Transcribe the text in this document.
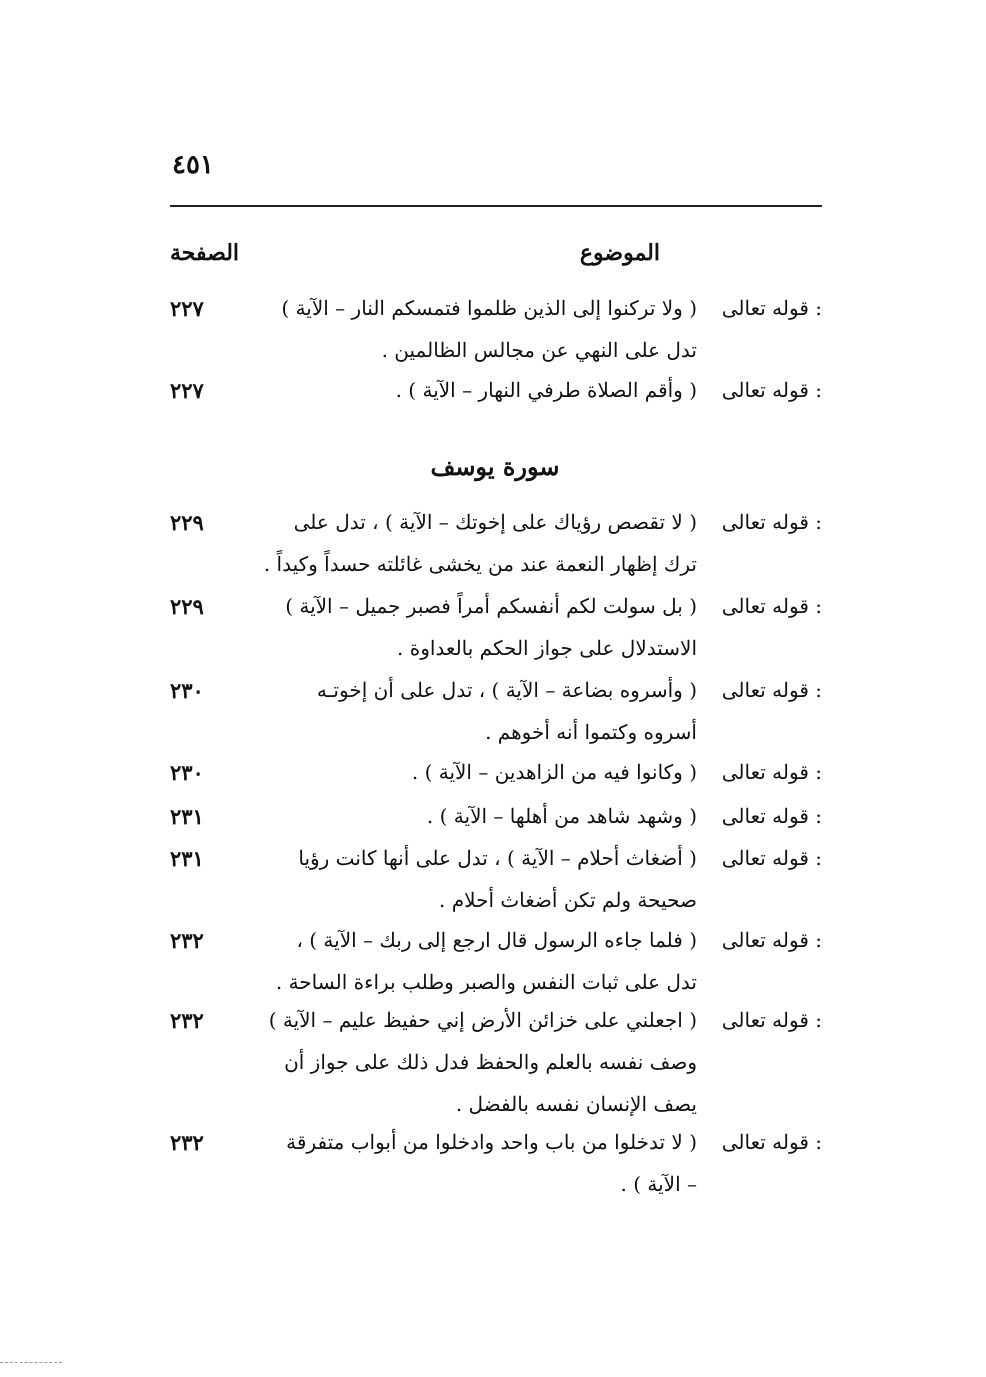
٤٥١
الصفحة	الموضوع
قوله تعالى :
( ولا تركنوا إلى الذين ظلموا فتمسكم النار – الآية )
٢٢٧
تدل على النهي عن مجالس الظالمين .
قوله تعالى :
( وأقم الصلاة طرفي النهار – الآية ) .
٢٢٧
سورة يوسف
قوله تعالى :
( لا تقصص رؤياك على إخوتك – الآية ) ، تدل على
٢٢٩
ترك إظهار النعمة عند من يخشى غائلته حسداً وكيداً .
قوله تعالى :
( بل سولت لكم أنفسكم أمراً فصبر جميل – الآية )
٢٢٩
الاستدلال على جواز الحكم بالعداوة .
قوله تعالى :
( وأسروه بضاعة – الآية ) ، تدل على أن إخوتـه
٢٣٠
أسروه وكتموا أنه أخوهم .
قوله تعالى :
( وكانوا فيه من الزاهدين – الآية ) .
٢٣٠
قوله تعالى :
( وشهد شاهد من أهلها – الآية ) .
٢٣١
قوله تعالى :
( أضغاث أحلام – الآية ) ، تدل على أنها كانت رؤيا
٢٣١
صحيحة ولم تكن أضغاث أحلام .
قوله تعالى :
( فلما جاءه الرسول قال ارجع إلى ربك – الآية ) ،
٢٣٢
تدل على ثبات النفس والصبر وطلب براءة الساحة .
قوله تعالى :
( اجعلني على خزائن الأرض إني حفيظ عليم – الآية )
٢٣٢
وصف نفسه بالعلم والحفظ فدل ذلك على جواز أن
يصف الإنسان نفسه بالفضل .
قوله تعالى :
( لا تدخلوا من باب واحد وادخلوا من أبواب متفرقة
٢٣٢
– الآية ) .
